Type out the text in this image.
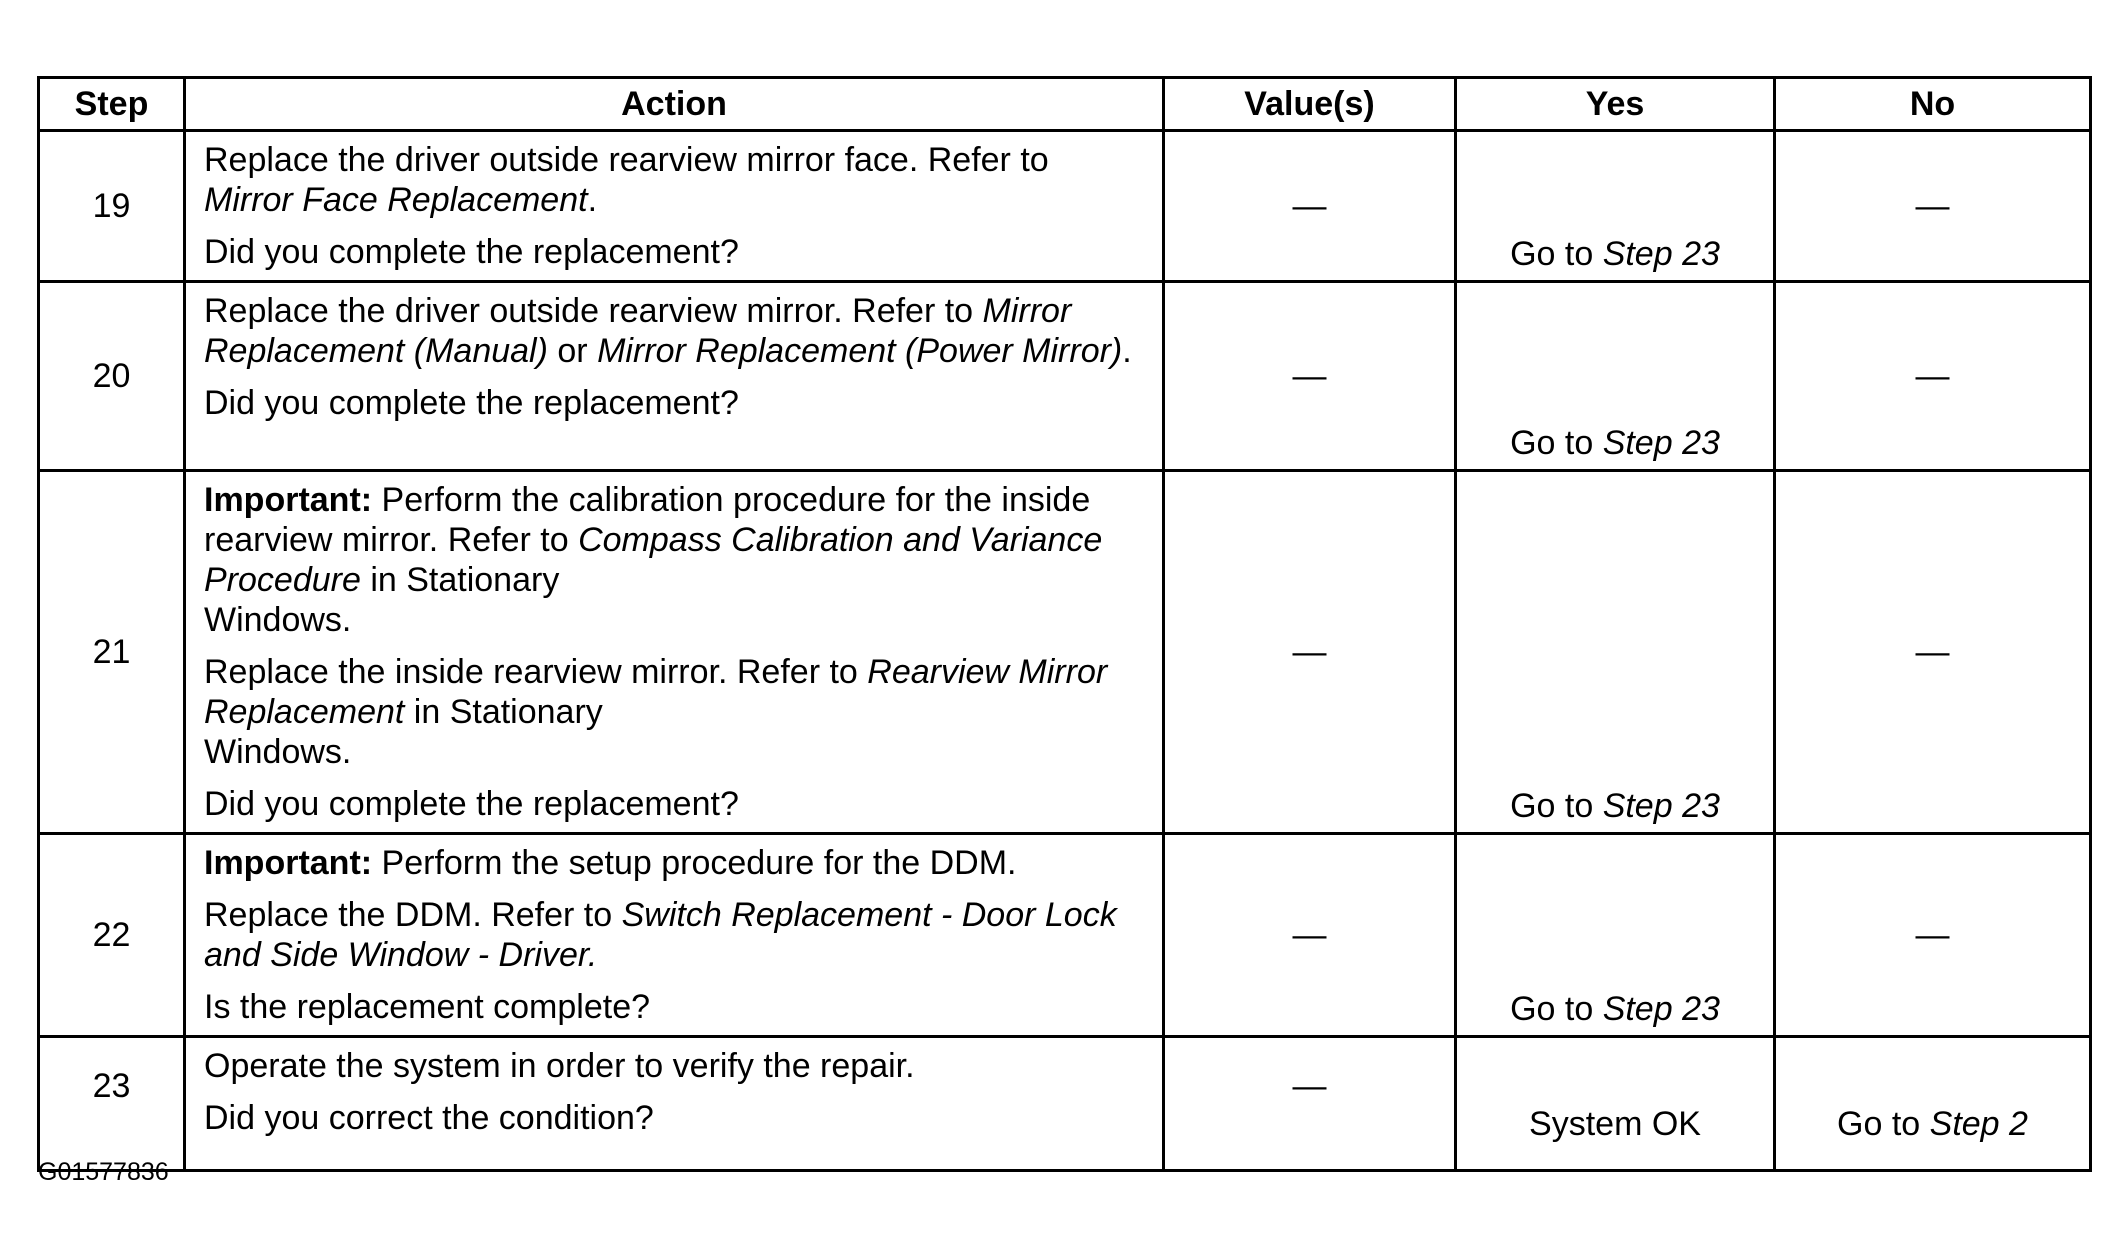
Step	Action	Value(s)	Yes	No
19	Replace the driver outside rearview mirror face. Refer to Mirror Face Replacement.

Did you complete the replacement?	—	Go to Step 23	—
20	Replace the driver outside rearview mirror. Refer to Mirror Replacement (Manual) or Mirror Replacement (Power Mirror).

Did you complete the replacement?	—	Go to Step 23	—
21	Important: Perform the calibration procedure for the inside rearview mirror. Refer to Compass Calibration and Variance Procedure in Stationary
Windows.

Replace the inside rearview mirror. Refer to Rearview Mirror Replacement in Stationary
Windows.

Did you complete the replacement?	—	Go to Step 23	—
22	Important: Perform the setup procedure for the DDM.

Replace the DDM. Refer to Switch Replacement - Door Lock and Side Window - Driver.

Is the replacement complete?	—	Go to Step 23	—
23	Operate the system in order to verify the repair.

Did you correct the condition?	—	System OK	Go to Step 2
G01577836
